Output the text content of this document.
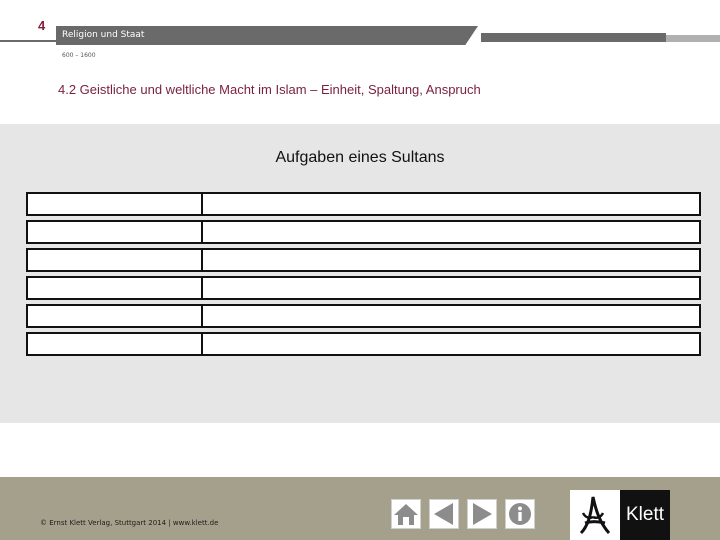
4
Religion und Staat
600 – 1600
4.2 Geistliche und weltliche Macht im Islam – Einheit, Spaltung, Anspruch
Aufgaben eines Sultans
© Ernst Klett Verlag, Stuttgart 2014 | www.klett.de	Klett
